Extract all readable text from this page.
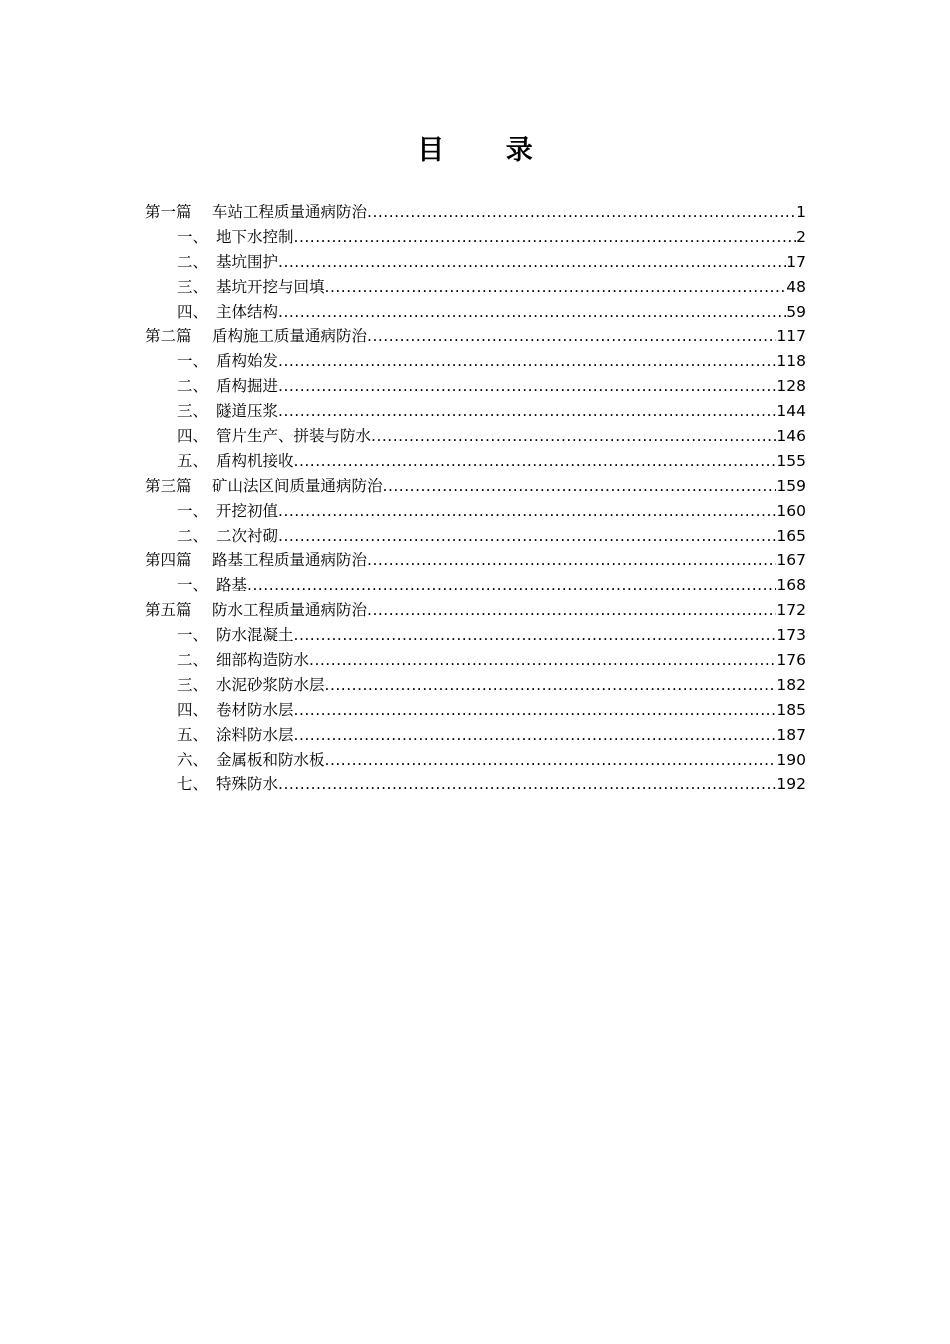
目 录
第一篇	车站工程质量通病防治 .....	1
一、 地下水控制 .....	2
二、 基坑围护 .....	17
三、 基坑开挖与回填 .....	48
四、 主体结构 .....	59
第二篇	盾构施工质量通病防治 .....	117
一、 盾构始发 .....	118
二、 盾构掘进 .....	128
三、 隧道压浆 .....	144
四、 管片生产、拼装与防水 .....	146
五、 盾构机接收 .....	155
第三篇	矿山法区间质量通病防治 .....	159
一、 开挖初值 .....	160
二、 二次衬砌 .....	165
第四篇	路基工程质量通病防治 .....	167
一、 路基 .....	168
第五篇	防水工程质量通病防治 .....	172
一、 防水混凝土 .....	173
二、 细部构造防水 .....	176
三、 水泥砂浆防水层 .....	182
四、 卷材防水层 .....	185
五、 涂料防水层 .....	187
六、 金属板和防水板 .....	190
七、 特殊防水 .....	192
